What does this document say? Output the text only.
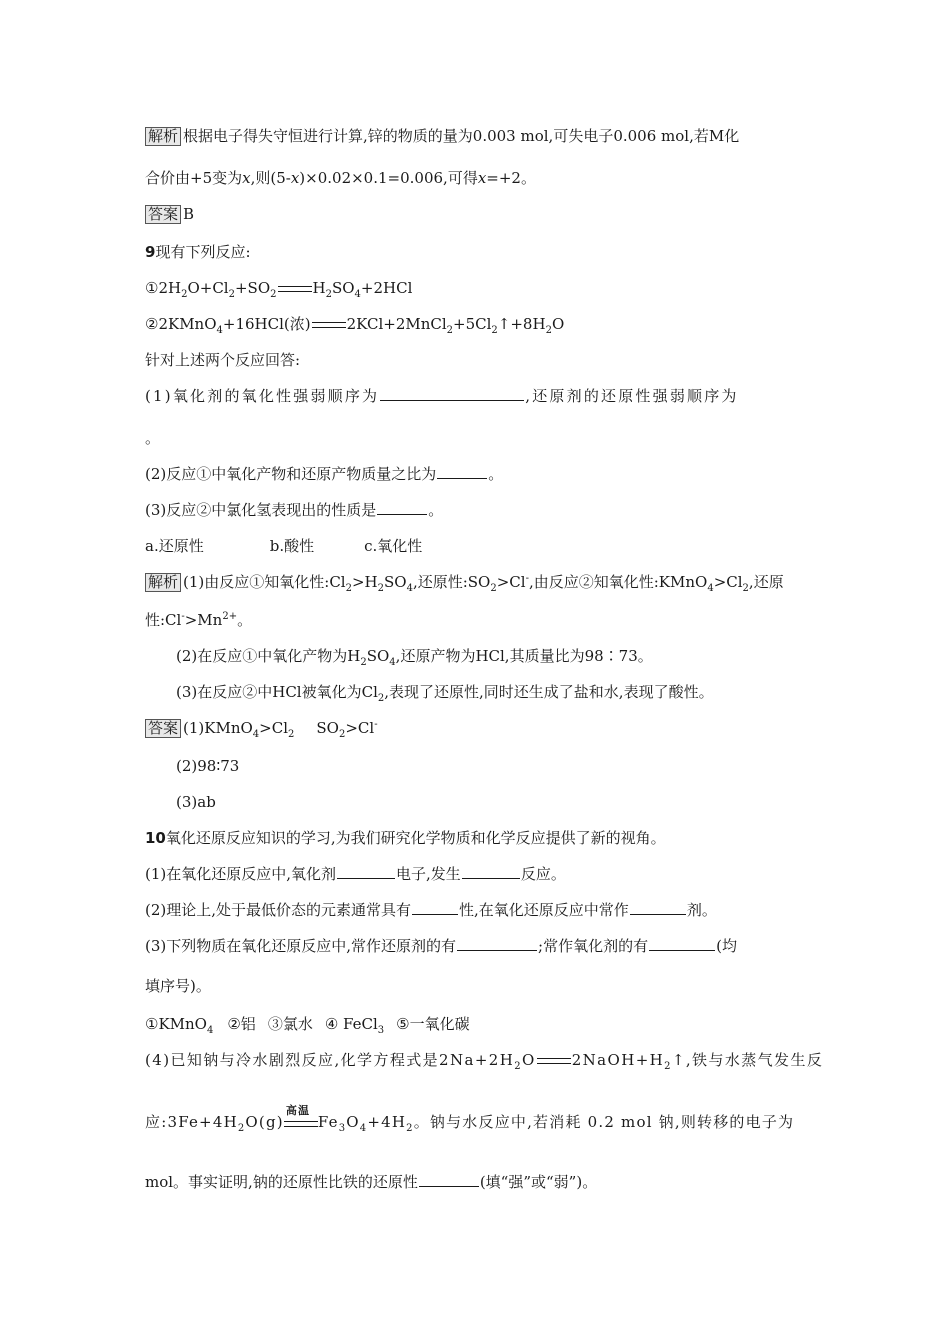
解析 根据电子得失守恒进行计算,锌的物质的量为0.003 mol,可失电子0.006 mol,若M化
合价由+5变为x,则(5-x)×0.02×0.1=0.006,可得x=+2。
答案 B
9现有下列反应:
$①2H_2O+Cl_2+SO_2$ $H_2SO_4+2HCl$
②2KMnO$_4$+16HCl(浓) $2KCl+2MnCl_2+5Cl_2↑+8H_2O$
针对上述两个反应回答:
(1)氧化剂的氧化性强弱顺序为	,还原剂的还原性强弱顺序为
。
(2)反应①中氧化产物和还原产物质量之比为	。
(3)反应②中氯化氢表现出的性质是	。
a.还原性	b.酸性	c.氧化性
解析 (1)由反应①知氧化性$:Cl_2>H_2SO_4$,还原性$:SO_2>Cl^-$,由反应②知氧化性$:KMnO_4>Cl_2$,还原
性$:Cl^->Mn^{2+}$。
(2)在反应①中氧化产物为$H_2SO_4$,还原产物为HCl,其质量比为98∶73。
(3)在反应②中HCl被氧化为$Cl_2$,表现了还原性,同时还生成了盐和水,表现了酸性。
答案 $(1)KMnO_4>Cl_2$ $SO_2>Cl^-$
(2)98∶73
(3)ab
10氧化还原反应知识的学习,为我们研究化学物质和化学反应提供了新的视角。
(1)在氧化还原反应中,氧化剂	电子,发生	反应。
(2)理论上,处于最低价态的元素通常具有	性,在氧化还原反应中常作	剂。
(3)下列物质在氧化还原反应中,常作还原剂的有	;常作氧化剂的有	(均
填序号)。
①KMnO$_4$ ②铝 ③氯水 ④ FeCl$_3$ ⑤一氧化碳
(4)已知钠与冷水剧烈反应,化学方程式是$2Na+2H_2O$ $2NaOH+H_2↑$,铁与水蒸气发生反
应$:3Fe+4H_2O(g)$
高温
$Fe_3O_4+4H_2$。钠与水反应中,若消耗 0.2 mol 钠,则转移的电子为
mol。事实证明,钠的还原性比铁的还原性	(填“强”或“弱”)。
